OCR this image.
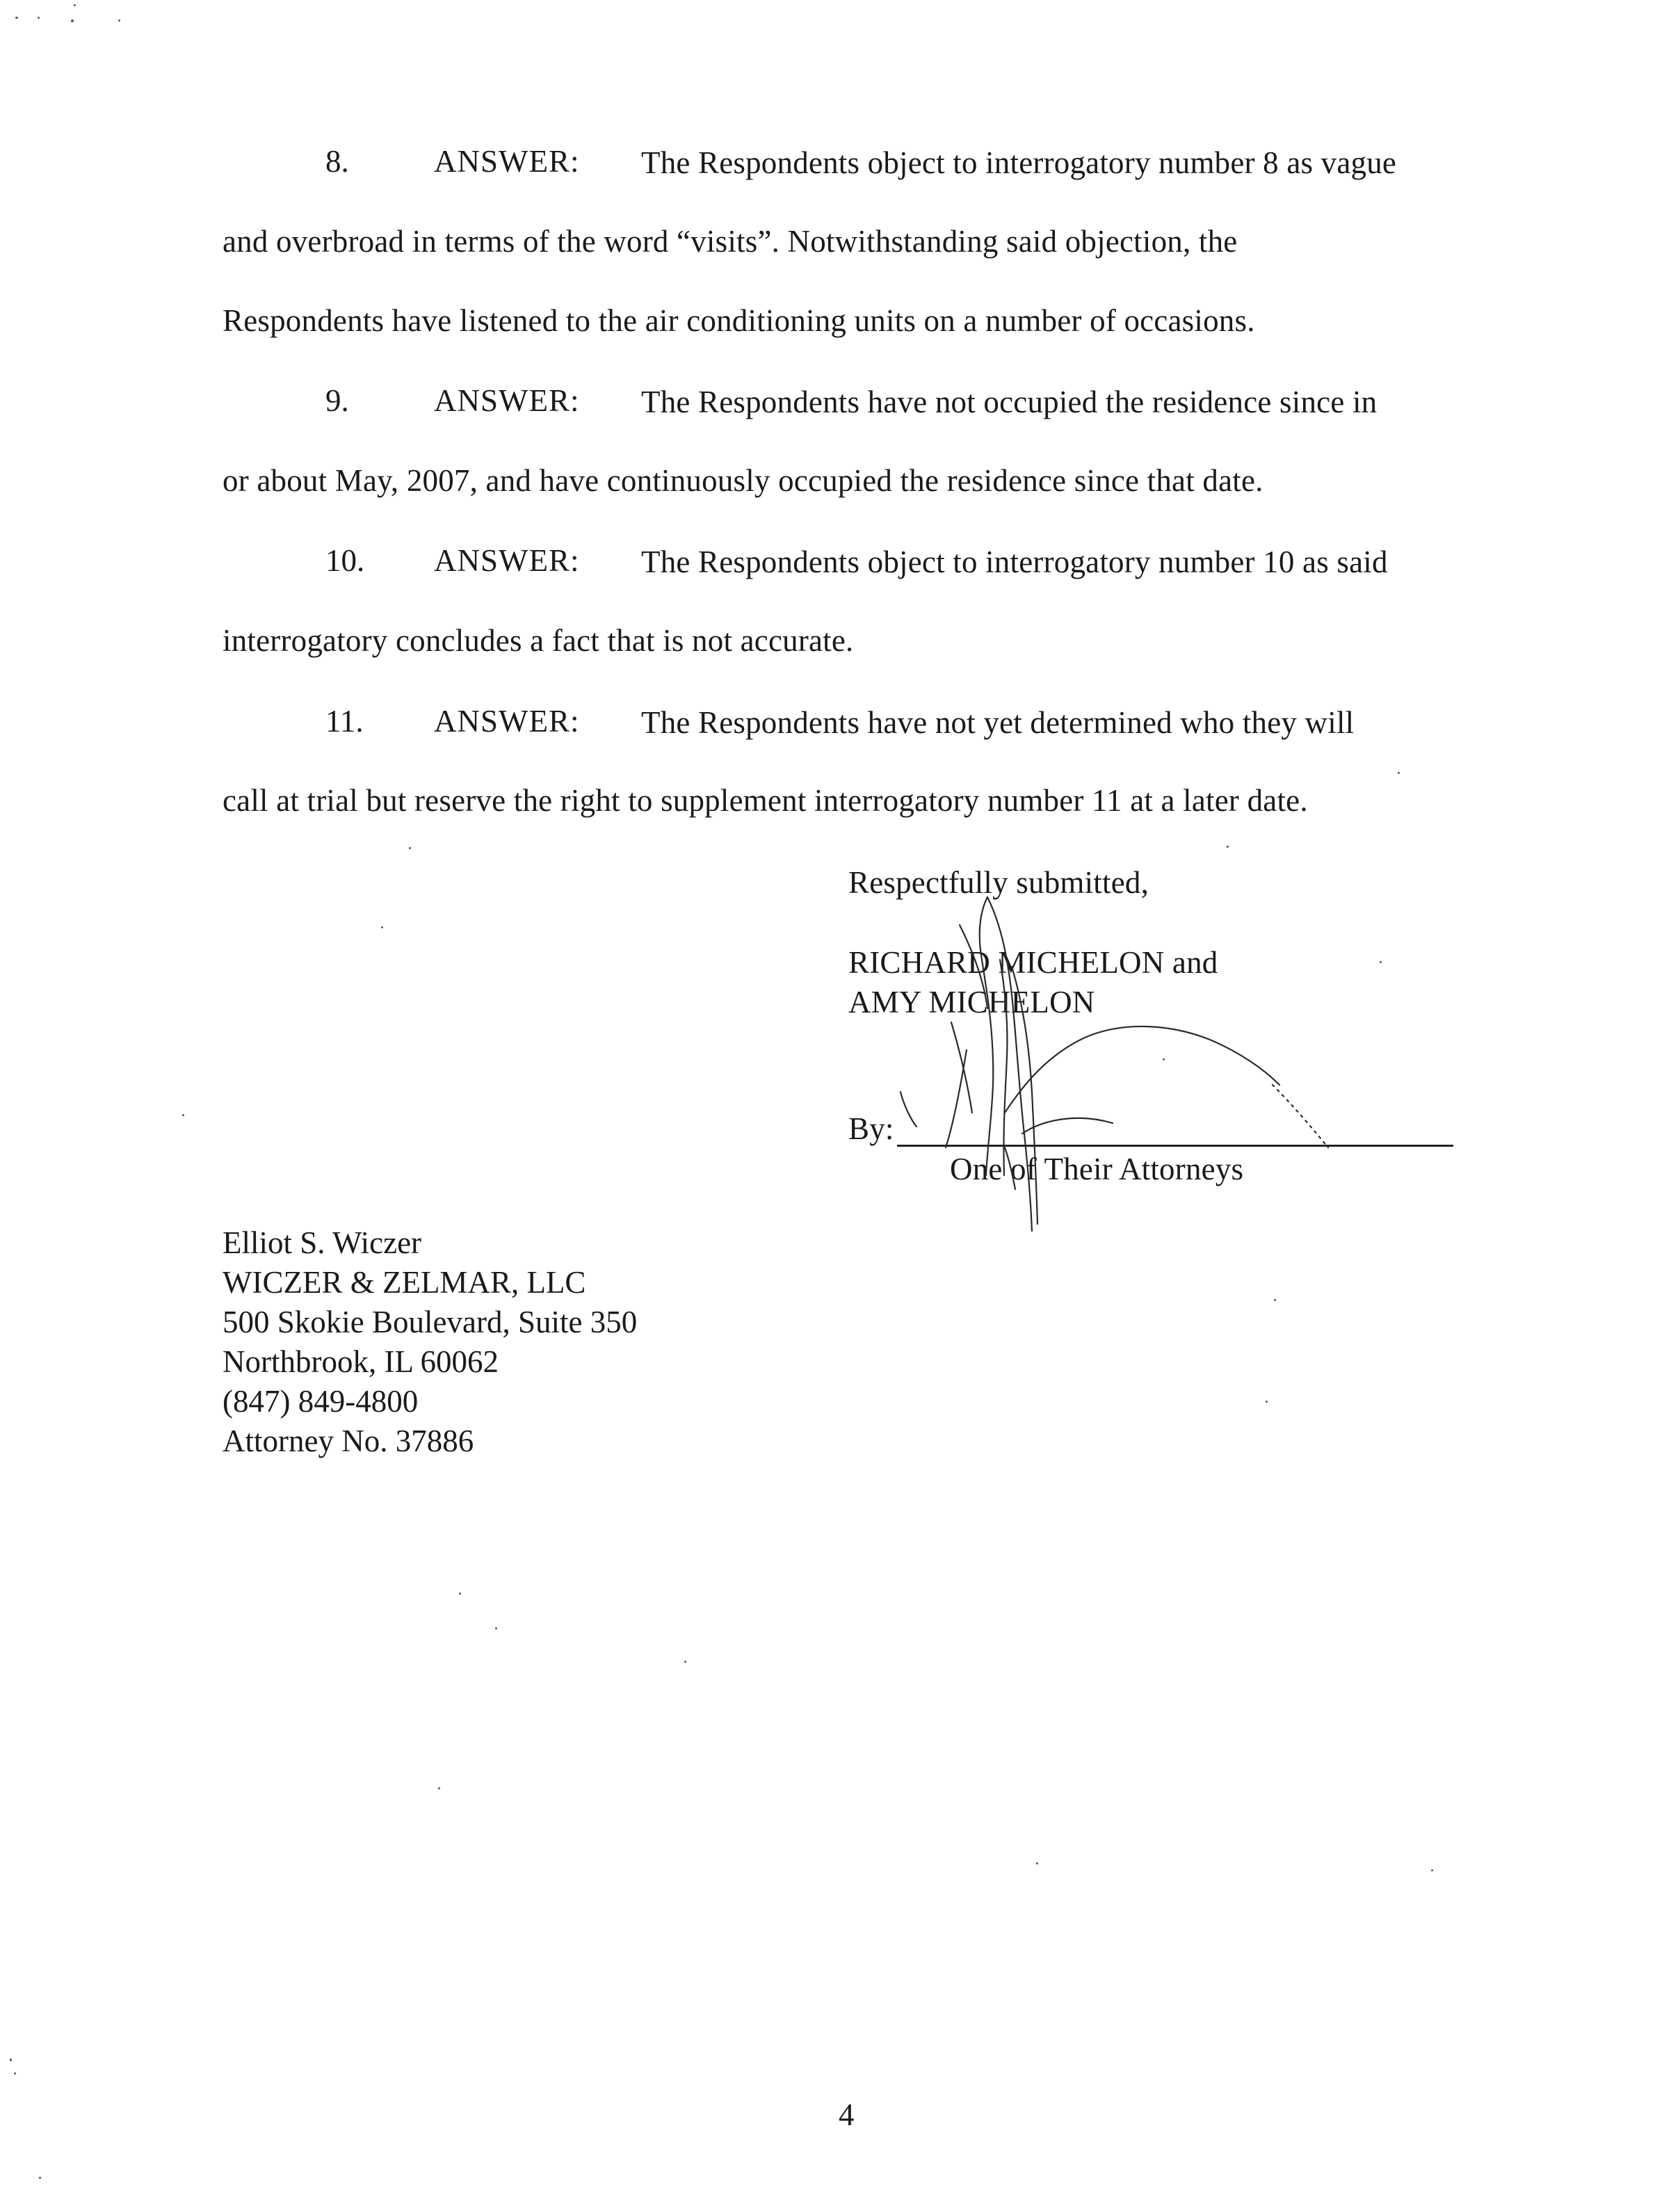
8.	ANSWER: The Respondents object to interrogatory number 8 as vague
and overbroad in terms of the word “visits”. Notwithstanding said objection, the
Respondents have listened to the air conditioning units on a number of occasions.
9.	ANSWER: The Respondents have not occupied the residence since in
or about May, 2007, and have continuously occupied the residence since that date.
10. ANSWER: The Respondents object to interrogatory number 10 as said
interrogatory concludes a fact that is not accurate.
11. ANSWER: The Respondents have not yet determined who they will
call at trial but reserve the right to supplement interrogatory number 11 at a later date.
Respectfully submitted,
RICHARD MICHELON and
AMY MICHELON
By:
One of Their Attorneys
Elliot S. Wiczer
WICZER & ZELMAR, LLC
500 Skokie Boulevard, Suite 350
Northbrook, IL 60062
(847) 849-4800
Attorney No. 37886
4
